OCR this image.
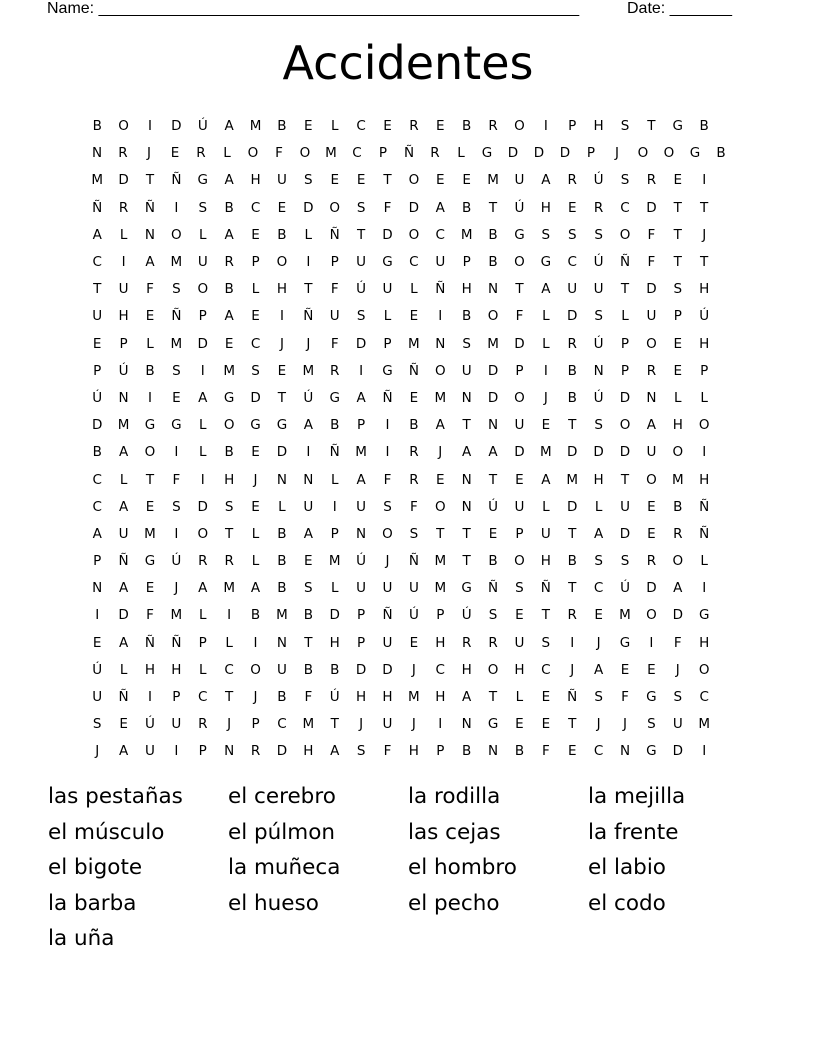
Name: ______________________________________________________	Date: _______
Accidentes
B	O	I	D	Ú	A	M	B	E	L	C	E	R	E	B	R	O	I	P	H	S	T	G	B
N	R	J	E	R	L	O	F	O	M	C	P	Ñ	R	L	G	D	D	D	P	J	O	O	G	B
M	D	T	Ñ	G	A	H	U	S	E	E	T	O	E	E	M	U	A	R	Ú	S	R	E	I
Ñ	R	Ñ	I	S	B	C	E	D	O	S	F	D	A	B	T	Ú	H	E	R	C	D	T	T
A	L	N	O	L	A	E	B	L	Ñ	T	D	O	C	M	B	G	S	S	S	O	F	T	J
C	I	A	M	U	R	P	O	I	P	U	G	C	U	P	B	O	G	C	Ú	Ñ	F	T	T
T	U	F	S	O	B	L	H	T	F	Ú	U	L	Ñ	H	N	T	A	U	U	T	D	S	H
U	H	E	Ñ	P	A	E	I	Ñ	U	S	L	E	I	B	O	F	L	D	S	L	U	P	Ú
E	P	L	M	D	E	C	J	J	F	D	P	M	N	S	M	D	L	R	Ú	P	O	E	H
P	Ú	B	S	I	M	S	E	M	R	I	G	Ñ	O	U	D	P	I	B	N	P	R	E	P
Ú	N	I	E	A	G	D	T	Ú	G	A	Ñ	E	M	N	D	O	J	B	Ú	D	N	L	L
D	M	G	G	L	O	G	G	A	B	P	I	B	A	T	N	U	E	T	S	O	A	H	O
B	A	O	I	L	B	E	D	I	Ñ	M	I	R	J	A	A	D	M	D	D	D	U	O	I
C	L	T	F	I	H	J	N	N	L	A	F	R	E	N	T	E	A	M	H	T	O	M	H
C	A	E	S	D	S	E	L	U	I	U	S	F	O	N	Ú	U	L	D	L	U	E	B	Ñ
A	U	M	I	O	T	L	B	A	P	N	O	S	T	T	E	P	U	T	A	D	E	R	Ñ
P	Ñ	G	Ú	R	R	L	B	E	M	Ú	J	Ñ	M	T	B	O	H	B	S	S	R	O	L
N	A	E	J	A	M	A	B	S	L	U	U	U	M	G	Ñ	S	Ñ	T	C	Ú	D	A	I
I	D	F	M	L	I	B	M	B	D	P	Ñ	Ú	P	Ú	S	E	T	R	E	M	O	D	G
E	A	Ñ	Ñ	P	L	I	N	T	H	P	U	E	H	R	R	U	S	I	J	G	I	F	H
Ú	L	H	H	L	C	O	U	B	B	D	D	J	C	H	O	H	C	J	A	E	E	J	O
U	Ñ	I	P	C	T	J	B	F	Ú	H	H	M	H	A	T	L	E	Ñ	S	F	G	S	C
S	E	Ú	U	R	J	P	C	M	T	J	U	J	I	N	G	E	E	T	J	J	S	U	M
J	A	U	I	P	N	R	D	H	A	S	F	H	P	B	N	B	F	E	C	N	G	D	I
las pestañas	el cerebro	la rodilla	la mejilla
el músculo	el púlmon	las cejas	la frente
el bigote	la muñeca	el hombro	el labio
la barba	el hueso	el pecho	el codo
la uña
